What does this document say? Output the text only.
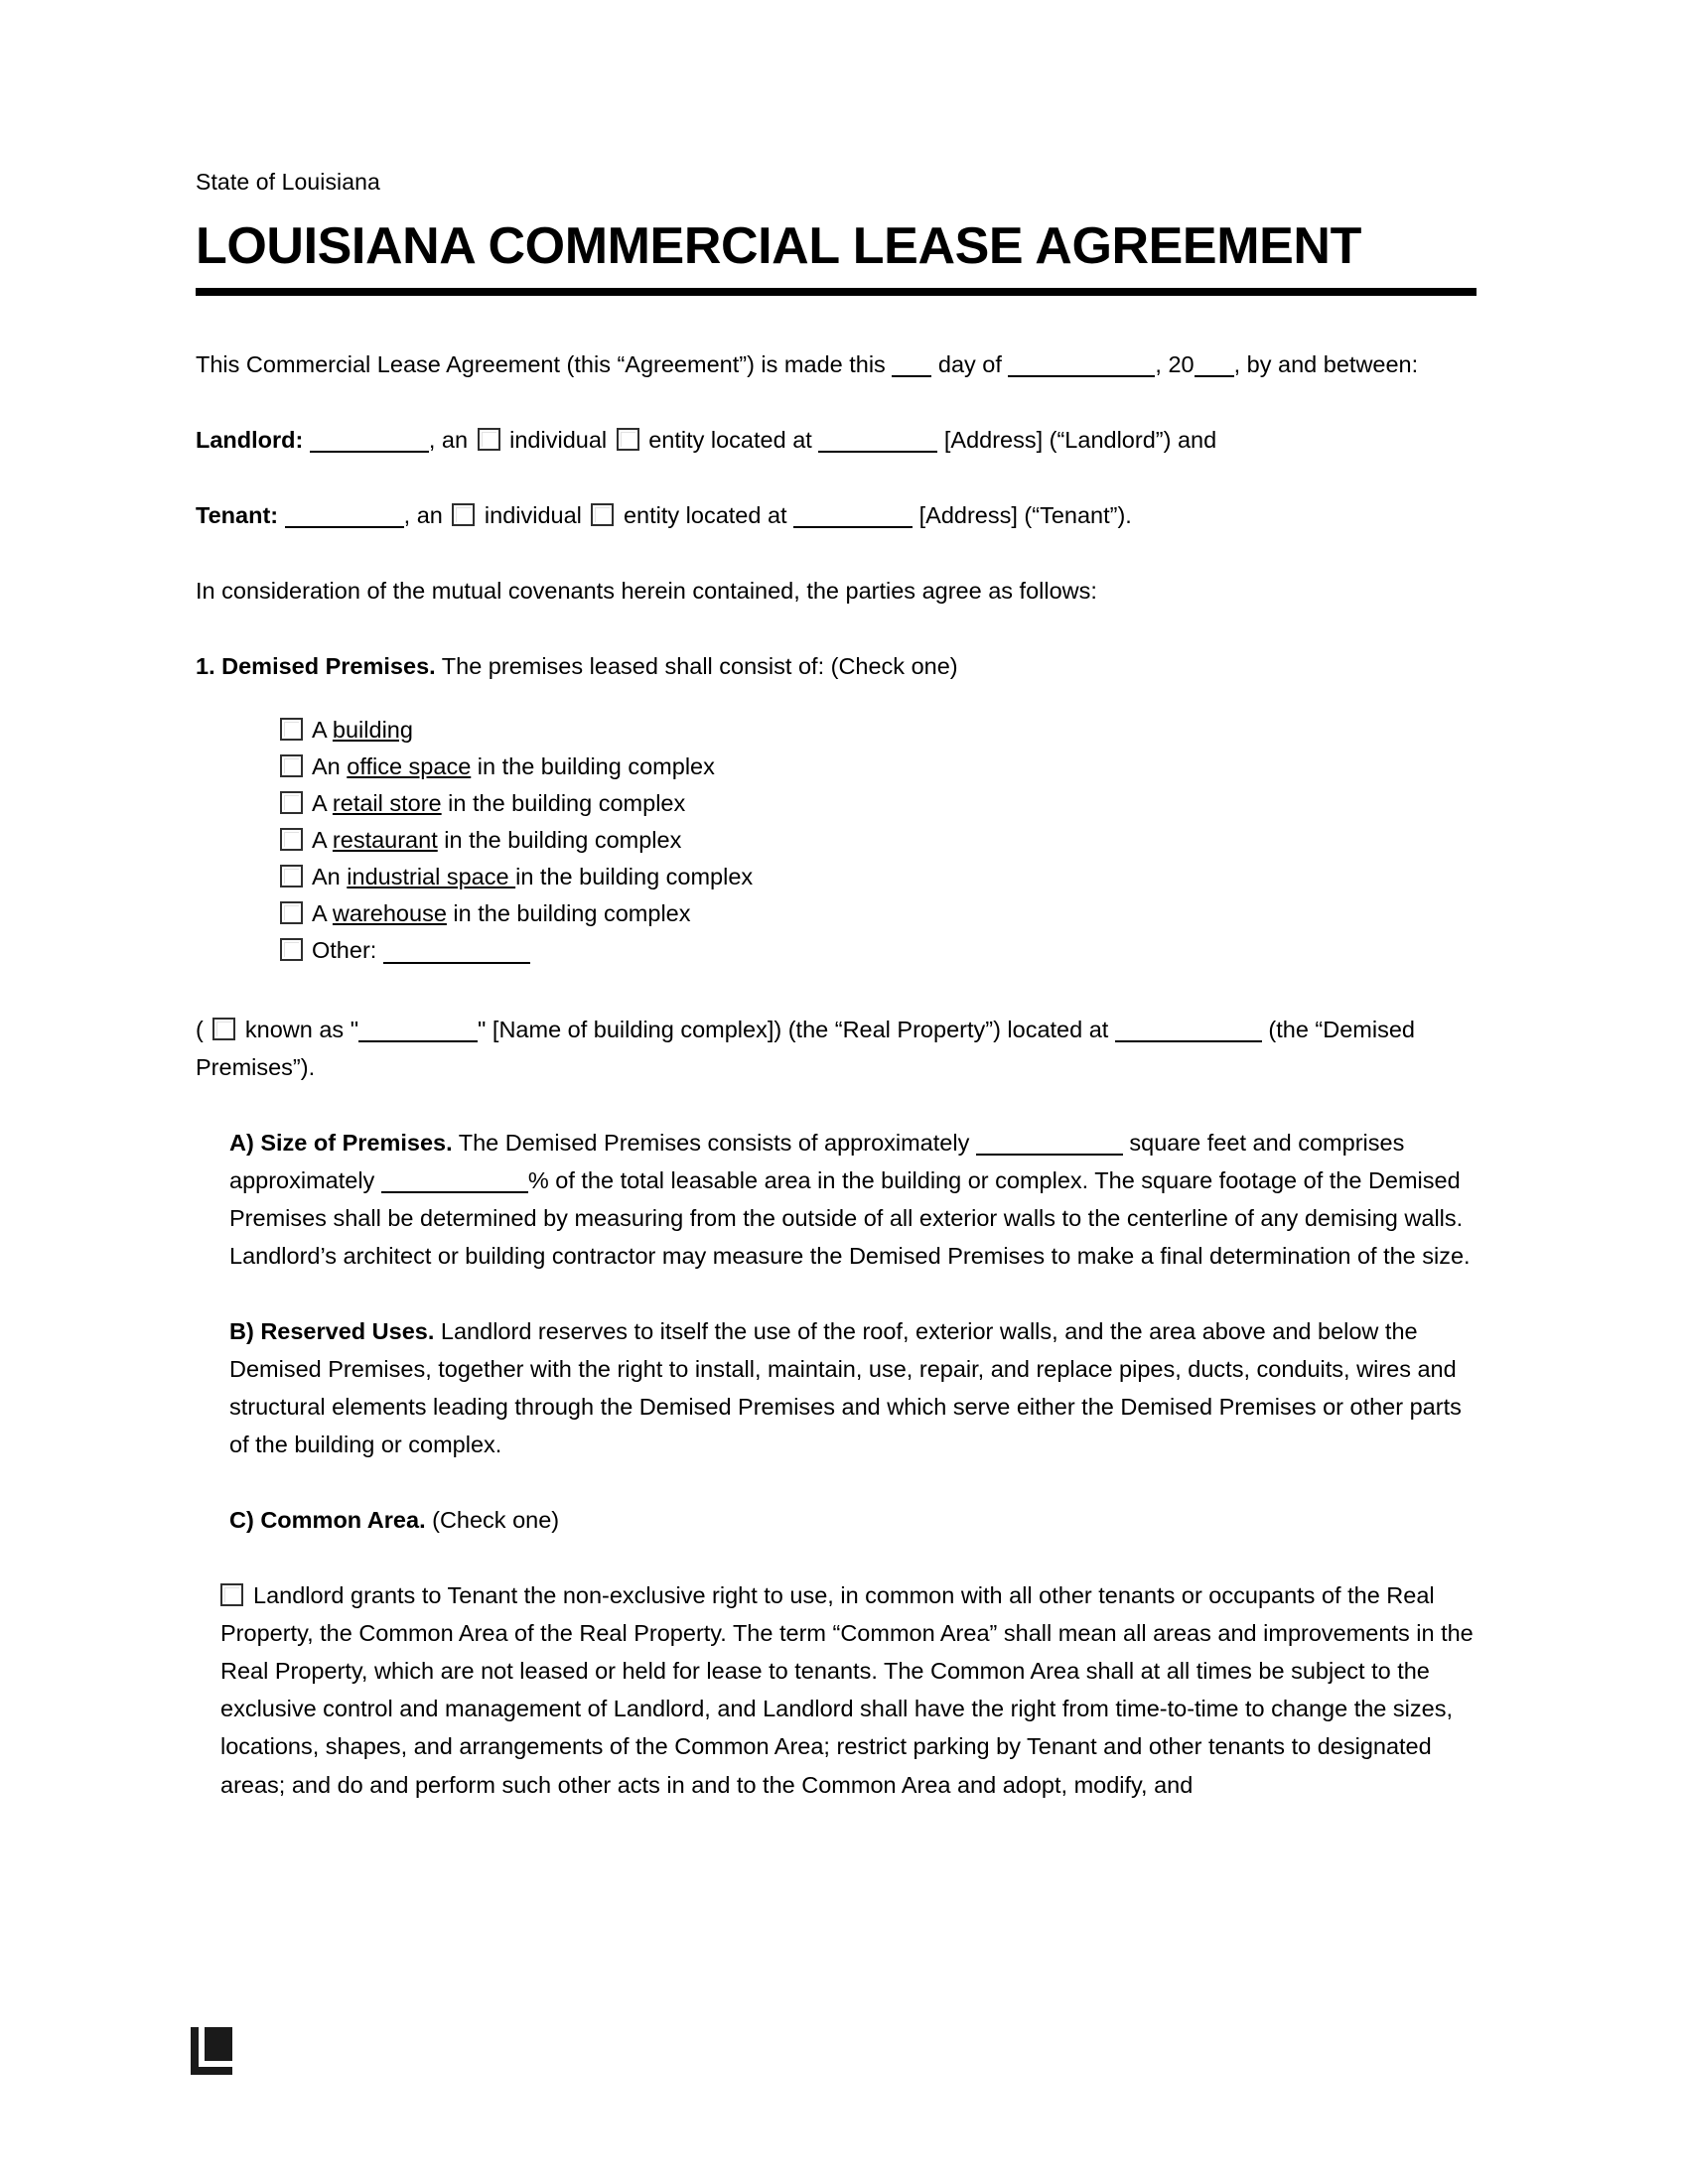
State of Louisiana
LOUISIANA COMMERCIAL LEASE AGREEMENT

This Commercial Lease Agreement (this “Agreement”) is made this  day of	, 20 , by and between:

Landlord:	, an  individual entity located at	[Address] (“Landlord”) and

Tenant:	, an  individual entity located at	[Address] (“Tenant”).

In consideration of the mutual covenants herein contained, the parties agree as follows:

1. Demised Premises. The premises leased shall consist of: (Check one)

A building
An office space in the building complex
A retail store in the building complex
A restaurant in the building complex
An industrial space in the building complex
A warehouse in the building complex
Other:

(  known as "	" [Name of building complex]) (the “Real Property”) located at	(the “Demised Premises”).

A) Size of Premises. The Demised Premises consists of approximately	square feet and comprises approximately	% of the total leasable area in the building or complex. The square footage of the Demised Premises shall be determined by measuring from the outside of all exterior walls to the centerline of any demising walls. Landlord’s architect or building contractor may measure the Demised Premises to make a final determination of the size.

B) Reserved Uses. Landlord reserves to itself the use of the roof, exterior walls, and the area above and below the Demised Premises, together with the right to install, maintain, use, repair, and replace pipes, ducts, conduits, wires and structural elements leading through the Demised Premises and which serve either the Demised Premises or other parts of the building or complex.

C) Common Area. (Check one)

Landlord grants to Tenant the non-exclusive right to use, in common with all other tenants or occupants of the Real Property, the Common Area of the Real Property. The term “Common Area” shall mean all areas and improvements in the Real Property, which are not leased or held for lease to tenants. The Common Area shall at all times be subject to the exclusive control and management of Landlord, and Landlord shall have the right from time-to-time to change the sizes, locations, shapes, and arrangements of the Common Area; restrict parking by Tenant and other tenants to designated areas; and do and perform such other acts in and to the Common Area and adopt, modify, and
